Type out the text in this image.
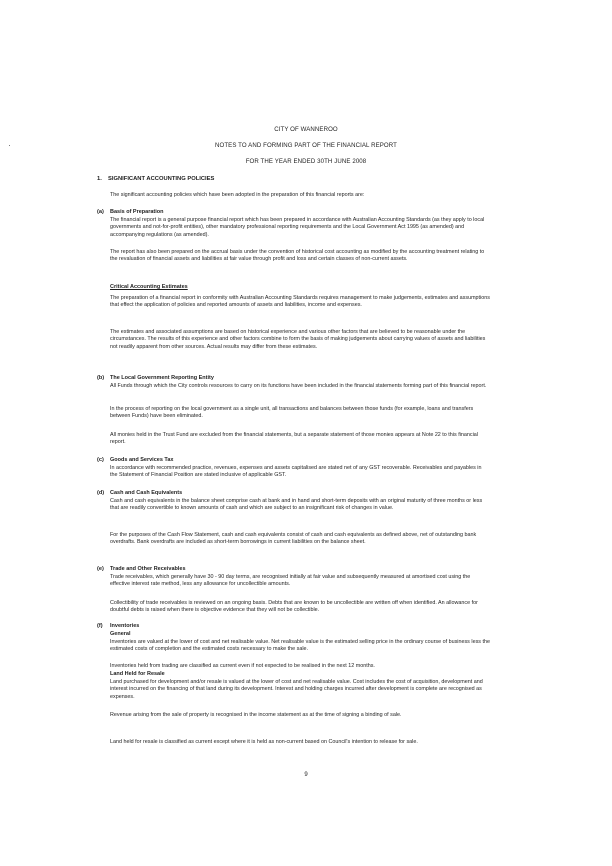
·
CITY OF WANNEROO
NOTES TO AND FORMING PART OF THE FINANCIAL REPORT
FOR THE YEAR ENDED 30TH JUNE 2008
1. SIGNIFICANT ACCOUNTING POLICIES
The significant accounting policies which have been adopted in the preparation of this financial reports are:
(a) Basis of Preparation
The financial report is a general purpose financial report which has been prepared in accordance with Australian Accounting Standards (as they apply to local governments and not-for-profit entities), other mandatory professional reporting requirements and the Local Government Act 1995 (as amended) and accompanying regulations (as amended).
The report has also been prepared on the accrual basis under the convention of historical cost accounting as modified by the accounting treatment relating to the revaluation of financial assets and liabilities at fair value through profit and loss and certain classes of non-current assets.
Critical Accounting Estimates
The preparation of a financial report in conformity with Australian Accounting Standards requires management to make judgements, estimates and assumptions that effect the application of policies and reported amounts of assets and liabilities, income and expenses.
The estimates and associated assumptions are based on historical experience and various other factors that are believed to be reasonable under the circumstances. The results of this experience and other factors combine to form the basis of making judgements about carrying values of assets and liabilities not readily apparent from other sources. Actual results may differ from these estimates.
(b) The Local Government Reporting Entity
All Funds through which the City controls resources to carry on its functions have been included in the financial statements forming part of this financial report.
In the process of reporting on the local government as a single unit, all transactions and balances between those funds (for example, loans and transfers between Funds) have been eliminated.
All monies held in the Trust Fund are excluded from the financial statements, but a separate statement of those monies appears at Note 22 to this financial report.
(c) Goods and Services Tax
In accordance with recommended practice, revenues, expenses and assets capitalised are stated net of any GST recoverable. Receivables and payables in the Statement of Financial Position are stated inclusive of applicable GST.
(d) Cash and Cash Equivalents
Cash and cash equivalents in the balance sheet comprise cash at bank and in hand and short-term deposits with an original maturity of three months or less that are readily convertible to known amounts of cash and which are subject to an insignificant risk of changes in value.
For the purposes of the Cash Flow Statement, cash and cash equivalents consist of cash and cash equivalents as defined above, net of outstanding bank overdrafts. Bank overdrafts are included as short-term borrowings in current liabilities on the balance sheet.
(e) Trade and Other Receivables
Trade receivables, which generally have 30 - 90 day terms, are recognised initially at fair value and subsequently measured at amortised cost using the effective interest rate method, less any allowance for uncollectible amounts.
Collectibility of trade receivables is reviewed on an ongoing basis. Debts that are known to be uncollectible are written off when identified. An allowance for doubtful debts is raised when there is objective evidence that they will not be collectible.
(f) Inventories
General
Inventories are valued at the lower of cost and net realisable value. Net realisable value is the estimated selling price in the ordinary course of business less the estimated costs of completion and the estimated costs necessary to make the sale.
Inventories held from trading are classified as current even if not expected to be realised in the next 12 months.
Land Held for Resale
Land purchased for development and/or resale is valued at the lower of cost and net realisable value. Cost includes the cost of acquisition, development and interest incurred on the financing of that land during its development. Interest and holding charges incurred after development is complete are recognised as expenses.
Revenue arising from the sale of property is recognised in the income statement as at the time of signing a binding of sale.
Land held for resale is classified as current except where it is held as non-current based on Council's intention to release for sale.
9
